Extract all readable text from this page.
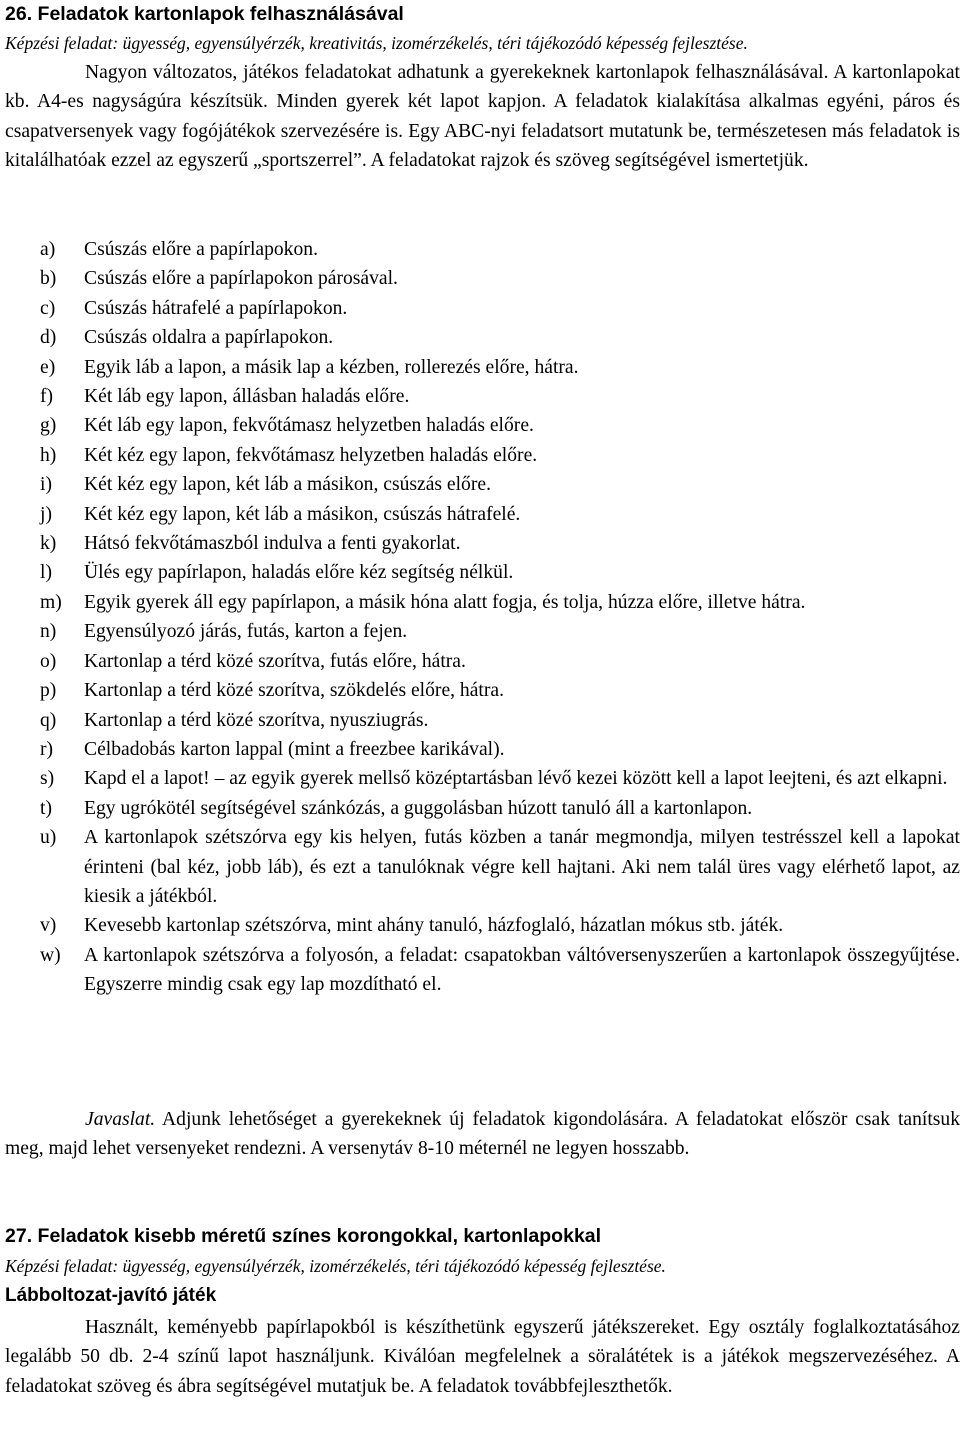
26. Feladatok kartonlapok felhasználásával

Képzési feladat: ügyesség, egyensúlyérzék, kreativitás, izomérzékelés, téri tájékozódó képesség fejlesztése.

Nagyon változatos, játékos feladatokat adhatunk a gyerekeknek kartonlapok felhasználásával. A kartonlapokat kb. A4-es nagyságúra készítsük. Minden gyerek két lapot kapjon. A feladatok kialakítása alkalmas egyéni, páros és csapatversenyek vagy fogójátékok szervezésére is. Egy ABC-nyi feladatsort mutatunk be, természetesen más feladatok is kitalálhatóak ezzel az egyszerű „sportszerrel”. A feladatokat rajzok és szöveg segítségével ismertetjük.

a)	Csúszás előre a papírlapokon.
b)	Csúszás előre a papírlapokon párosával.
c)	Csúszás hátrafelé a papírlapokon.
d)	Csúszás oldalra a papírlapokon.
e)	Egyik láb a lapon, a másik lap a kézben, rollerezés előre, hátra.
f)	Két láb egy lapon, állásban haladás előre.
g)	Két láb egy lapon, fekvőtámasz helyzetben haladás előre.
h)	Két kéz egy lapon, fekvőtámasz helyzetben haladás előre.
i)	Két kéz egy lapon, két láb a másikon, csúszás előre.
j)	Két kéz egy lapon, két láb a másikon, csúszás hátrafelé.
k)	Hátsó fekvőtámaszból indulva a fenti gyakorlat.
l)	Ülés egy papírlapon, haladás előre kéz segítség nélkül.
m)	Egyik gyerek áll egy papírlapon, a másik hóna alatt fogja, és tolja, húzza előre, illetve hátra.
n)	Egyensúlyozó járás, futás, karton a fejen.
o)	Kartonlap a térd közé szorítva, futás előre, hátra.
p)	Kartonlap a térd közé szorítva, szökdelés előre, hátra.
q)	Kartonlap a térd közé szorítva, nyusziugrás.
r)	Célbadobás karton lappal (mint a freezbee karikával).
s)	Kapd el a lapot! – az egyik gyerek mellső középtartásban lévő kezei között kell a lapot leejteni, és azt elkapni.
t)	Egy ugrókötél segítségével szánkózás, a guggolásban húzott tanuló áll a kartonlapon.
u)	A kartonlapok szétszórva egy kis helyen, futás közben a tanár megmondja, milyen testrésszel kell a lapokat érinteni (bal kéz, jobb láb), és ezt a tanulóknak végre kell hajtani. Aki nem talál üres vagy elérhető lapot, az kiesik a játékból.
v)	Kevesebb kartonlap szétszórva, mint ahány tanuló, házfoglaló, házatlan mókus stb. játék.
w)	A kartonlapok szétszórva a folyosón, a feladat: csapatokban váltóversenyszerűen a kartonlapok összegyűjtése. Egyszerre mindig csak egy lap mozdítható el.

Javaslat. Adjunk lehetőséget a gyerekeknek új feladatok kigondolására. A feladatokat először csak tanítsuk meg, majd lehet versenyeket rendezni. A versenytáv 8-10 méternél ne legyen hosszabb.

27. Feladatok kisebb méretű színes korongokkal, kartonlapokkal

Képzési feladat: ügyesség, egyensúlyérzék, izomérzékelés, téri tájékozódó képesség fejlesztése.

Lábboltozat-javító játék

Használt, keményebb papírlapokból is készíthetünk egyszerű játékszereket. Egy osztály foglalkoztatásához legalább 50 db. 2-4 színű lapot használjunk. Kiválóan megfelelnek a söralátétek is a játékok megszervezéséhez. A feladatokat szöveg és ábra segítségével mutatjuk be. A feladatok továbbfejleszthetők.
